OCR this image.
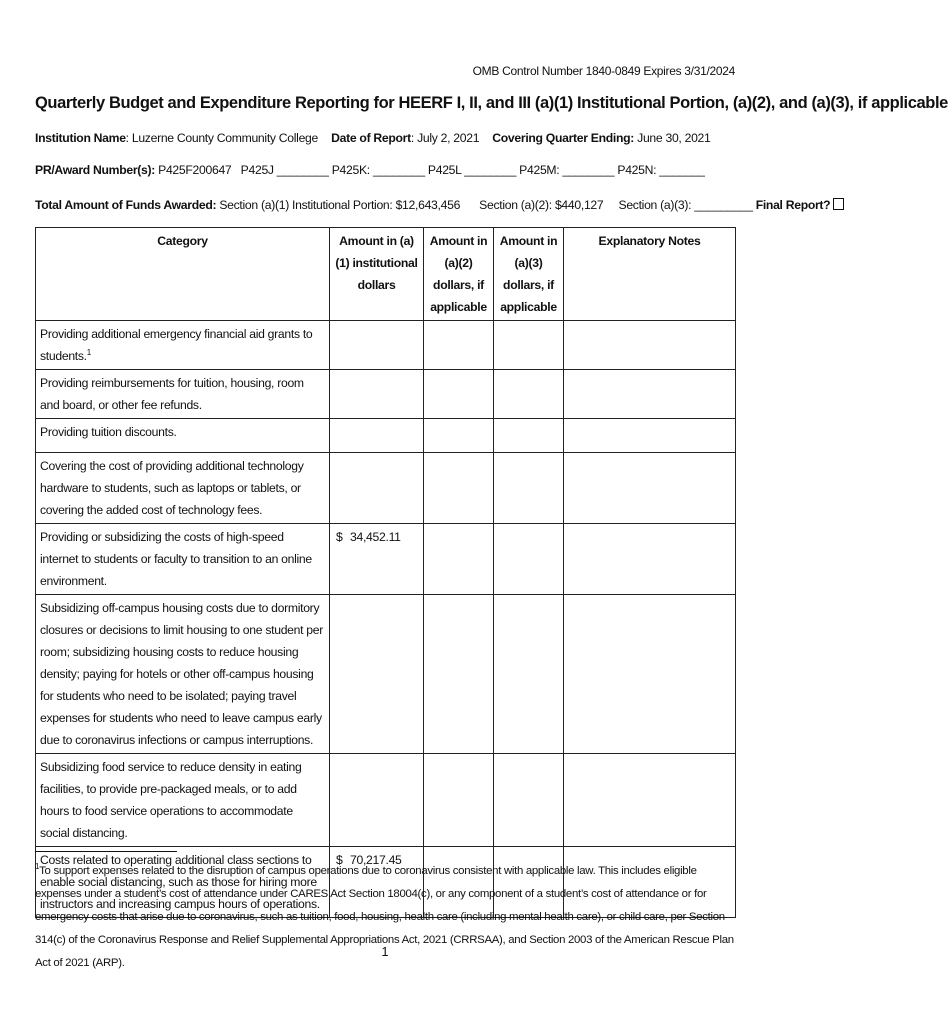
OMB Control Number 1840-0849 Expires 3/31/2024
Quarterly Budget and Expenditure Reporting for HEERF I, II, and III (a)(1) Institutional Portion, (a)(2), and (a)(3), if applicable
Institution Name: Luzerne County Community College Date of Report: July 2, 2021 Covering Quarter Ending: June 30, 2021
PR/Award Number(s): P425F200647   P425J ________ P425K: ________ P425L ________ P425M: ________ P425N: _______
Total Amount of Funds Awarded: Section (a)(1) Institutional Portion: $12,643,456 Section (a)(2): $440,127 Section (a)(3): _________ Final Report?
Category	Amount in (a)(1) institutional dollars	Amount in (a)(2) dollars, if applicable	Amount in (a)(3) dollars, if applicable	Explanatory Notes
Providing additional emergency financial aid grants to students.$^1$				
Providing reimbursements for tuition, housing, room and board, or other fee refunds.				
Providing tuition discounts.				
Covering the cost of providing additional technology hardware to students, such as laptops or tablets, or covering the added cost of technology fees.				
Providing or subsidizing the costs of high-speed internet to students or faculty to transition to an online environment.	$ 34,452.11			
Subsidizing off-campus housing costs due to dormitory closures or decisions to limit housing to one student per room; subsidizing housing costs to reduce housing density; paying for hotels or other off-campus housing for students who need to be isolated; paying travel expenses for students who need to leave campus early due to coronavirus infections or campus interruptions.				
Subsidizing food service to reduce density in eating facilities, to provide pre-packaged meals, or to add hours to food service operations to accommodate social distancing.				
Costs related to operating additional class sections to enable social distancing, such as those for hiring more instructors and increasing campus hours of operations.	$ 70,217.45			
$^1$To support expenses related to the disruption of campus operations due to coronavirus consistent with applicable law. This includes eligible expenses under a student’s cost of attendance under CARES Act Section 18004(c), or any component of a student’s cost of attendance or for emergency costs that arise due to coronavirus, such as tuition, food, housing, health care (including mental health care), or child care, per Section 314(c) of the Coronavirus Response and Relief Supplemental Appropriations Act, 2021 (CRRSAA), and Section 2003 of the American Rescue Plan Act of 2021 (ARP).
1
